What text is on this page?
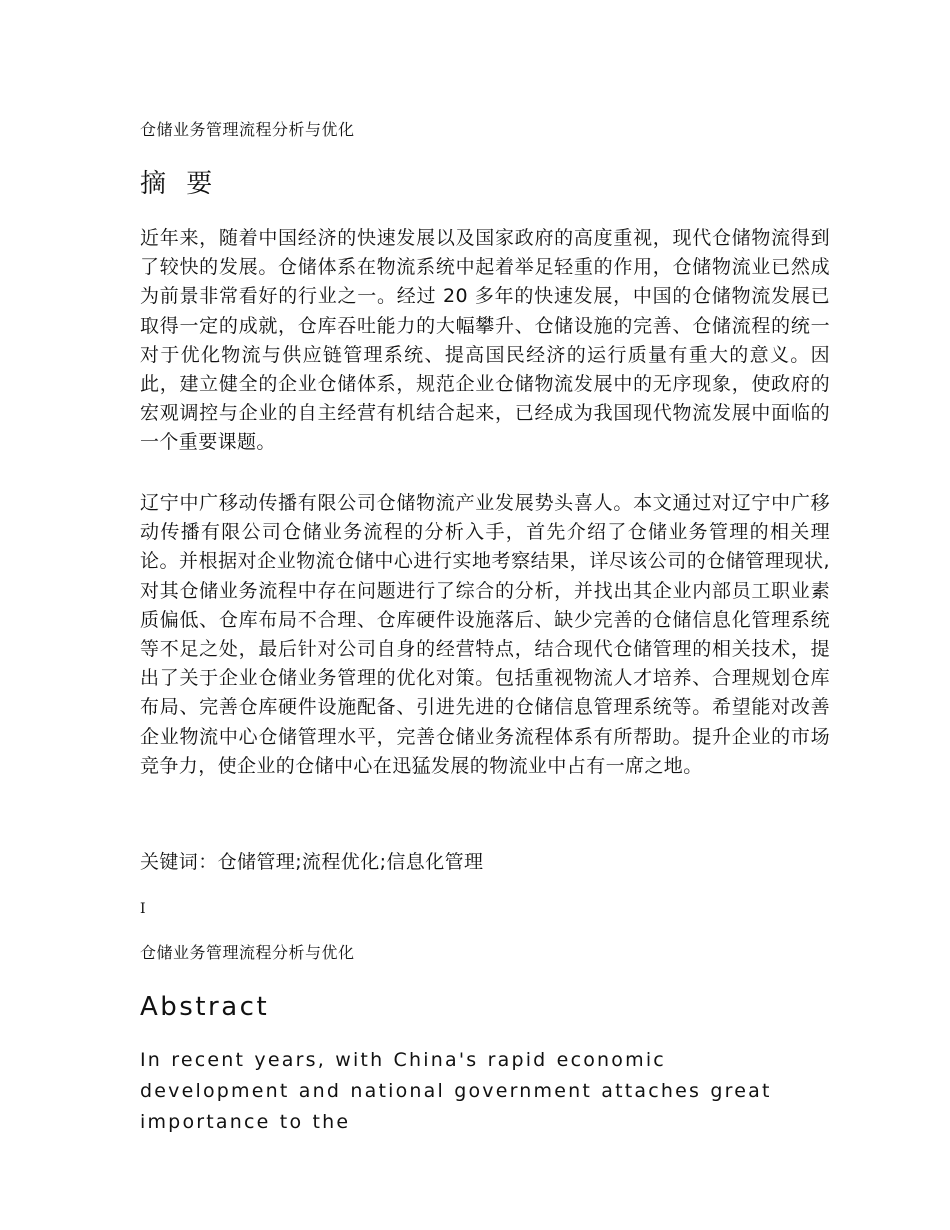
仓储业务管理流程分析与优化
摘 要

近年来，随着中国经济的快速发展以及国家政府的高度重视，现代仓储物流得到了较快的发展。仓储体系在物流系统中起着举足轻重的作用，仓储物流业已然成为前景非常看好的行业之一。经过 20 多年的快速发展，中国的仓储物流发展已取得一定的成就，仓库吞吐能力的大幅攀升、仓储设施的完善、仓储流程的统一对于优化物流与供应链管理系统、提高国民经济的运行质量有重大的意义。因此，建立健全的企业仓储体系，规范企业仓储物流发展中的无序现象，使政府的宏观调控与企业的自主经营有机结合起来，已经成为我国现代物流发展中面临的一个重要课题。

辽宁中广移动传播有限公司仓储物流产业发展势头喜人。本文通过对辽宁中广移动传播有限公司仓储业务流程的分析入手，首先介绍了仓储业务管理的相关理论。并根据对企业物流仓储中心进行实地考察结果，详尽该公司的仓储管理现状,对其仓储业务流程中存在问题进行了综合的分析，并找出其企业内部员工职业素质偏低、仓库布局不合理、仓库硬件设施落后、缺少完善的仓储信息化管理系统等不足之处，最后针对公司自身的经营特点，结合现代仓储管理的相关技术，提出了关于企业仓储业务管理的优化对策。包括重视物流人才培养、合理规划仓库布局、完善仓库硬件设施配备、引进先进的仓储信息管理系统等。希望能对改善企业物流中心仓储管理水平，完善仓储业务流程体系有所帮助。提升企业的市场竞争力，使企业的仓储中心在迅猛发展的物流业中占有一席之地。

关键词：仓储管理;流程优化;信息化管理
I
仓储业务管理流程分析与优化
Abstract

In recent years, with China's rapid economic development and national government attaches great importance to the
